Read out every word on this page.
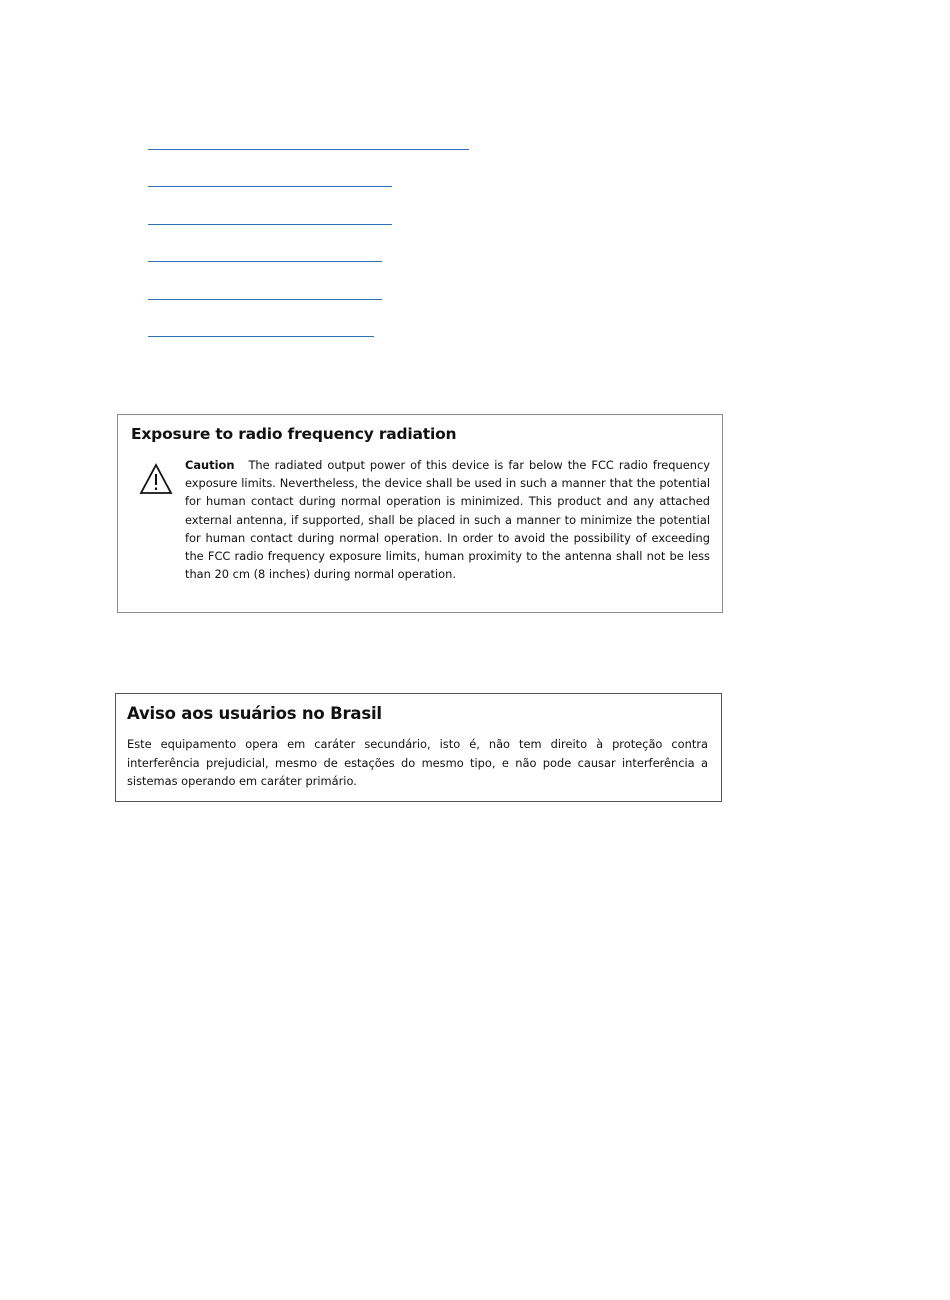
Exposure to radio frequency radiation
Caution The radiated output power of this device is far below the FCC radio frequency exposure limits. Nevertheless, the device shall be used in such a manner that the potential for human contact during normal operation is minimized. This product and any attached external antenna, if supported, shall be placed in such a manner to minimize the potential for human contact during normal operation. In order to avoid the possibility of exceeding the FCC radio frequency exposure limits, human proximity to the antenna shall not be less than 20 cm (8 inches) during normal operation.
Aviso aos usuários no Brasil
Este equipamento opera em caráter secundário, isto é, não tem direito à proteção contra interferência prejudicial, mesmo de estações do mesmo tipo, e não pode causar interferência a sistemas operando em caráter primário.
